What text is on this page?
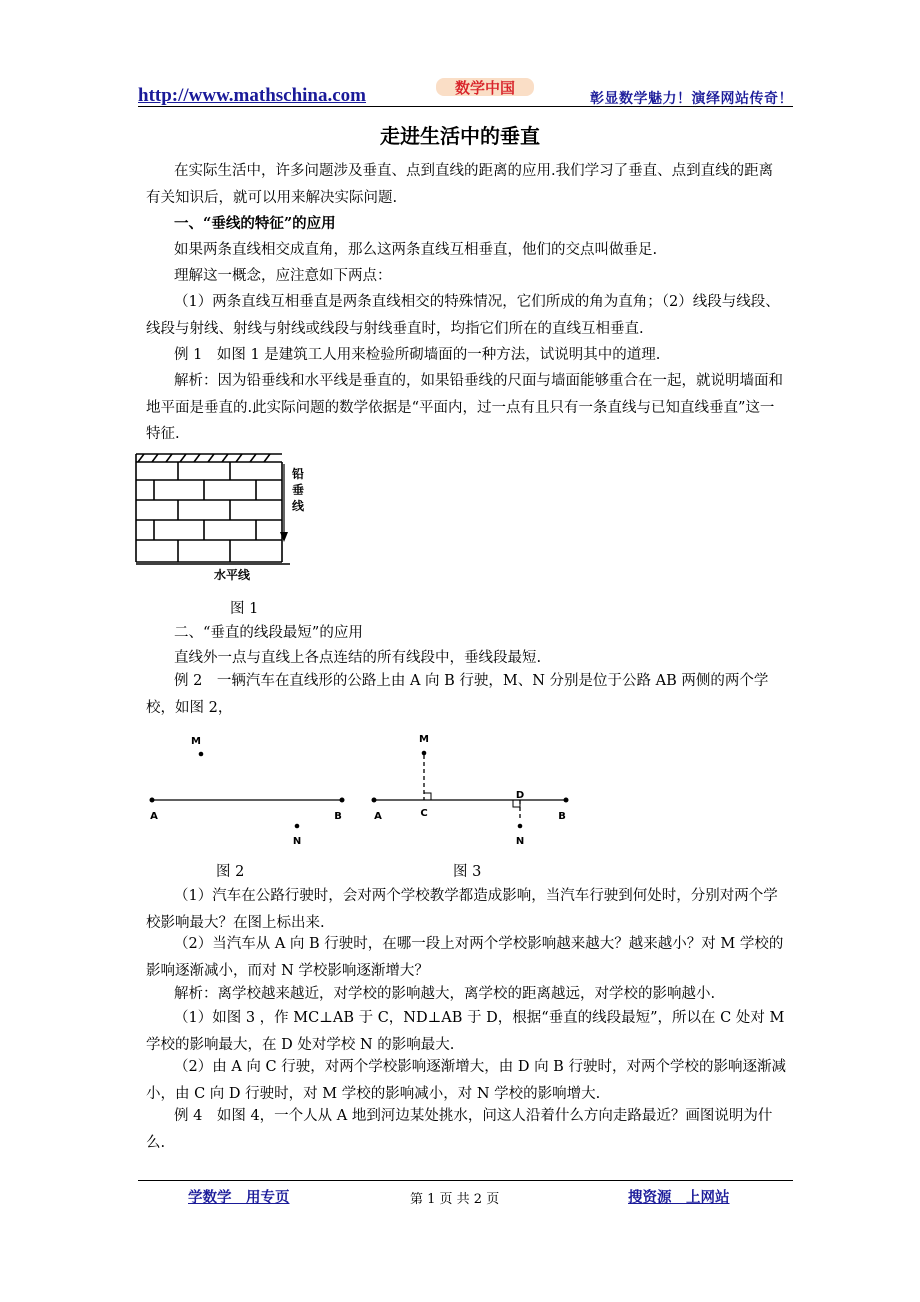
http://www.mathschina.com	数学中国
彰显数学魅力！演绎网站传奇！
走进生活中的垂直

在实际生活中，许多问题涉及垂直、点到直线的距离的应用.我们学习了垂直、点到直线的距离有关知识后，就可以用来解决实际问题.

一、“垂线的特征”的应用

如果两条直线相交成直角，那么这两条直线互相垂直，他们的交点叫做垂足.

理解这一概念，应注意如下两点：

（1）两条直线互相垂直是两条直线相交的特殊情况，它们所成的角为直角；（2）线段与线段、线段与射线、射线与射线或线段与射线垂直时，均指它们所在的直线互相垂直.

例 1　如图 1 是建筑工人用来检验所砌墙面的一种方法，试说明其中的道理.

解析：因为铅垂线和水平线是垂直的，如果铅垂线的尺面与墙面能够重合在一起，就说明墙面和地平面是垂直的.此实际问题的数学依据是“平面内，过一点有且只有一条直线与已知直线垂直”这一特征.

铅 垂 线
水平线
图 1

二、“垂直的线段最短”的应用

直线外一点与直线上各点连结的所有线段中，垂线段最短.

例 2　一辆汽车在直线形的公路上由 A 向 B 行驶，M、N 分别是位于公路 AB 两侧的两个学校，如图 2，

M
A	B
N
M
A	C
D
B
N
图 2	图 3

（1）汽车在公路行驶时，会对两个学校教学都造成影响，当汽车行驶到何处时，分别对两个学校影响最大？在图上标出来.

（2）当汽车从 A 向 B 行驶时，在哪一段上对两个学校影响越来越大？越来越小？对 M 学校的影响逐渐减小，而对 N 学校影响逐渐增大？

解析：离学校越来越近，对学校的影响越大，离学校的距离越远，对学校的影响越小.

（1）如图 3 ，作 MC⊥AB 于 C，ND⊥AB 于 D，根据“垂直的线段最短”，所以在 C 处对 M 学校的影响最大，在 D 处对学校 N 的影响最大.

（2）由 A 向 C 行驶，对两个学校影响逐渐增大，由 D 向 B 行驶时，对两个学校的影响逐渐减小，由 C 向 D 行驶时，对 M 学校的影响减小，对 N 学校的影响增大.

例 4　如图 4，一个人从 A 地到河边某处挑水，问这人沿着什么方向走路最近？画图说明为什么.

学数学　用专页	第 1 页 共 2 页	搜资源　上网站
